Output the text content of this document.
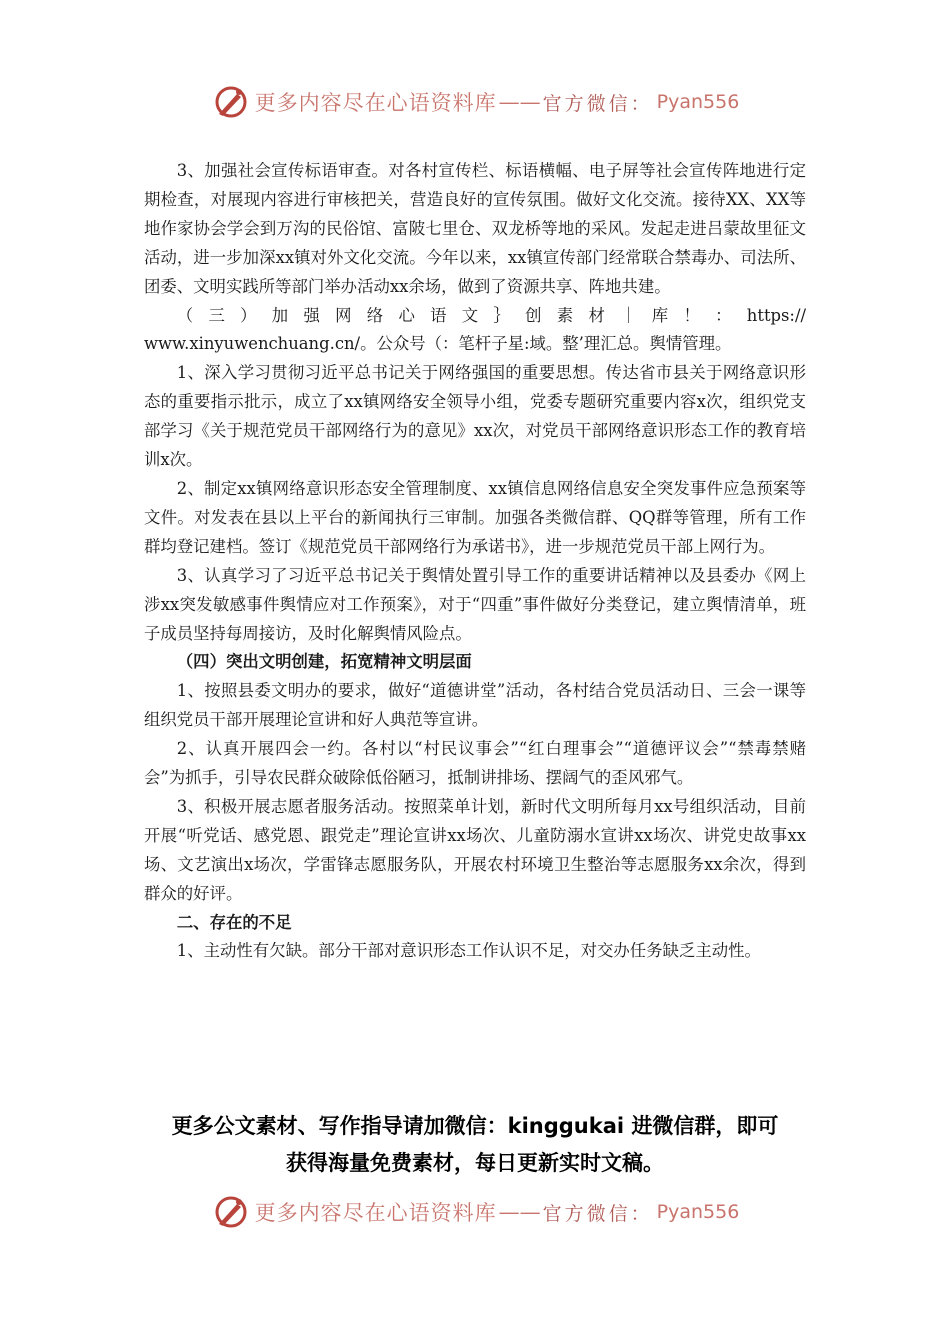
更多内容尽在心语资料库 —— 官方微信： Pyan556

3、加强社会宣传标语审查。对各村宣传栏、标语横幅、电子屏等社会宣传阵地进行定期检查，对展现内容进行审核把关，营造良好的宣传氛围。做好文化交流。接待XX、XX等地作家协会学会到万沟的民俗馆、富陂七里仓、双龙桥等地的采风。发起走进吕蒙故里征文活动，进一步加深xx镇对外文化交流。今年以来，xx镇宣传部门经常联合禁毒办、司法所、团委、文明实践所等部门举办活动xx余场，做到了资源共享、阵地共建。

（三）加强网络心语文｝创素材｜库！：https://

www.xinyuwenchuang.cn/。公众号（：笔杆子星:域。整’理汇总。舆情管理。

1、深入学习贯彻习近平总书记关于网络强国的重要思想。传达省市县关于网络意识形态的重要指示批示，成立了xx镇网络安全领导小组，党委专题研究重要内容x次，组织党支部学习《关于规范党员干部网络行为的意见》xx次，对党员干部网络意识形态工作的教育培训x次。

2、制定xx镇网络意识形态安全管理制度、xx镇信息网络信息安全突发事件应急预案等文件。对发表在县以上平台的新闻执行三审制。加强各类微信群、QQ群等管理，所有工作群均登记建档。签订《规范党员干部网络行为承诺书》，进一步规范党员干部上网行为。

3、认真学习了习近平总书记关于舆情处置引导工作的重要讲话精神以及县委办《网上涉xx突发敏感事件舆情应对工作预案》，对于“四重”事件做好分类登记，建立舆情清单，班子成员坚持每周接访，及时化解舆情风险点。

（四）突出文明创建，拓宽精神文明层面

1、按照县委文明办的要求，做好“道德讲堂”活动，各村结合党员活动日、三会一课等组织党员干部开展理论宣讲和好人典范等宣讲。

2、认真开展四会一约。各村以“村民议事会”“红白理事会”“道德评议会”“禁毒禁赌会”为抓手，引导农民群众破除低俗陋习，抵制讲排场、摆阔气的歪风邪气。

3、积极开展志愿者服务活动。按照菜单计划，新时代文明所每月xx号组织活动，目前开展“听党话、感党恩、跟党走”理论宣讲xx场次、儿童防溺水宣讲xx场次、讲党史故事xx场、文艺演出x场次，学雷锋志愿服务队，开展农村环境卫生整治等志愿服务xx余次，得到群众的好评。

二、存在的不足

1、主动性有欠缺。部分干部对意识形态工作认识不足，对交办任务缺乏主动性。

更多公文素材、写作指导请加微信：kinggukai 进微信群，即可
获得海量免费素材，每日更新实时文稿。
更多内容尽在心语资料库 —— 官方微信： Pyan556
